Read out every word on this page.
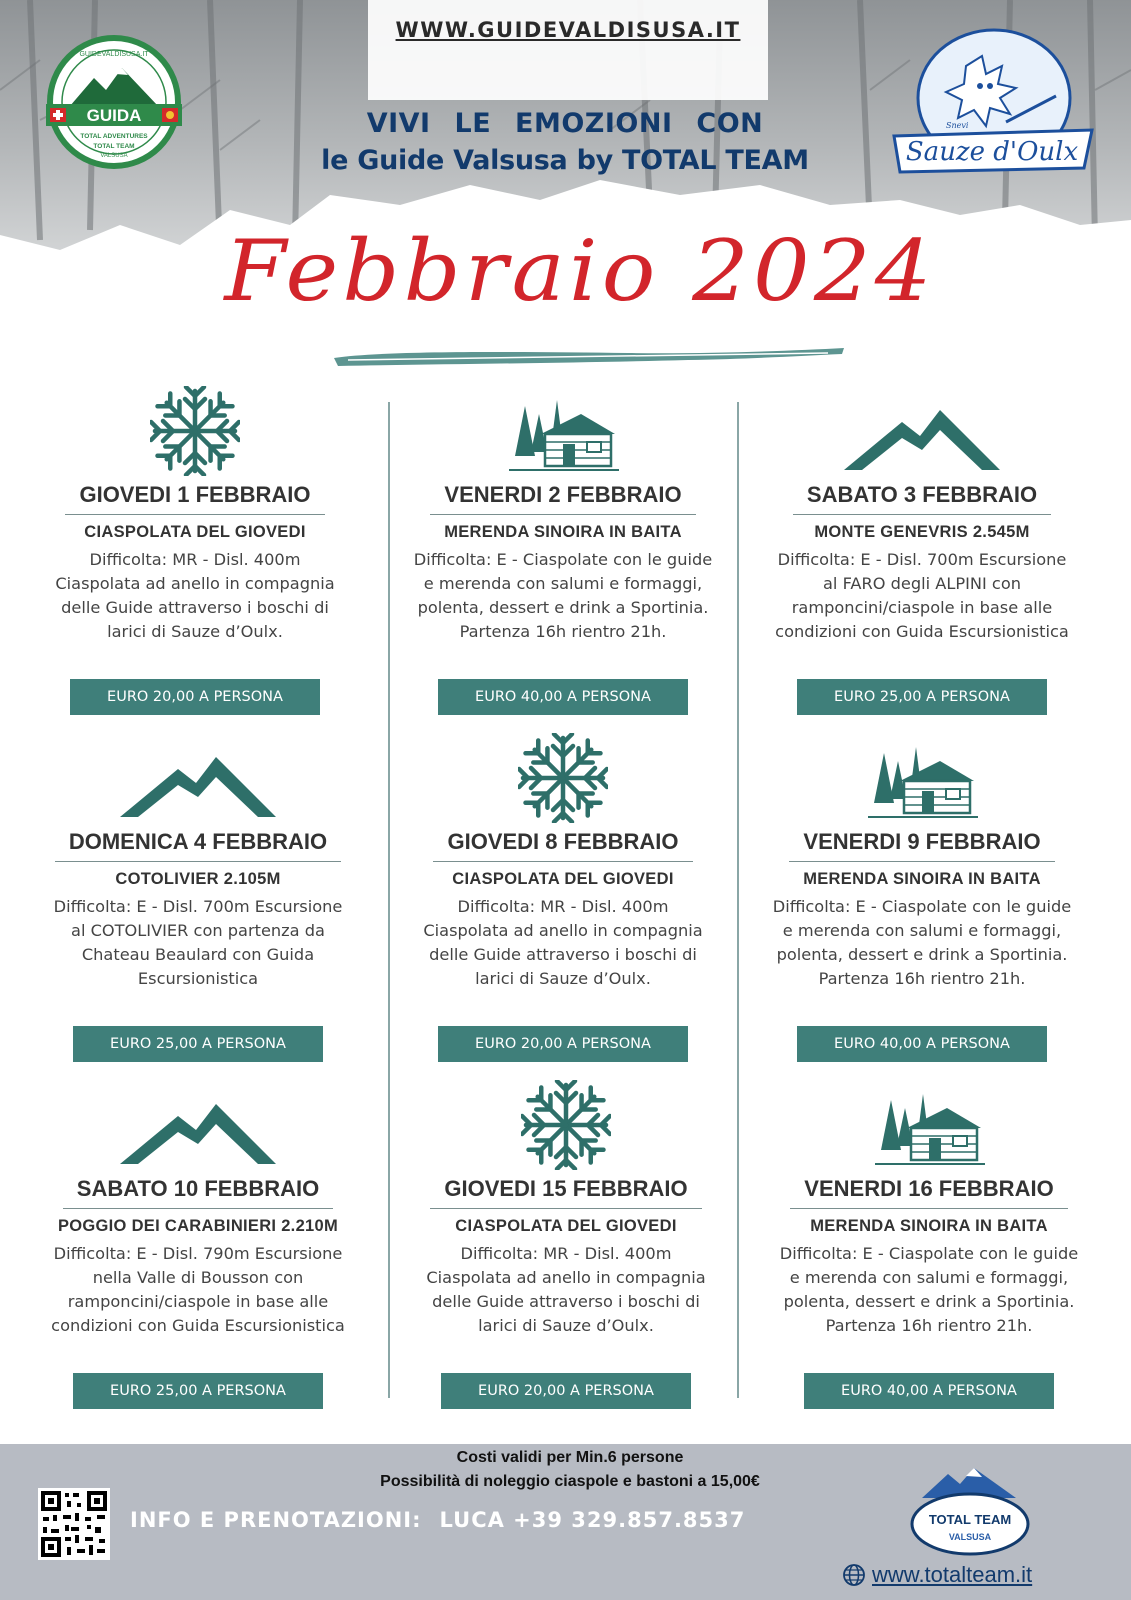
WWW.GUIDEVALDISUSA.IT
GUIDA
GUIDEVALDISUSA.IT
TOTAL ADVENTURES
TOTAL TEAM
VALSUSA
VIVI LE EMOZIONI CON
le Guide Valsusa by TOTAL TEAM
Snevi
Sauze d'Oulx
Febbraio 2024
GIOVEDI 1 FEBBRAIO
CIASPOLATA DEL GIOVEDI
Difficolta: MR - Disl. 400m Ciaspolata ad anello in compagnia delle Guide attraverso i boschi di larici di Sauze d’Oulx.
EURO 20,00 A PERSONA
VENERDI 2 FEBBRAIO
MERENDA SINOIRA IN BAITA
Difficolta: E - Ciaspolate con le guide e merenda con salumi e formaggi, polenta, dessert e drink a Sportinia. Partenza 16h rientro 21h.
EURO 40,00 A PERSONA
SABATO 3 FEBBRAIO
MONTE GENEVRIS 2.545M
Difficolta: E - Disl. 700m Escursione al FARO degli ALPINI con ramponcini/ciaspole in base alle condizioni con Guida Escursionistica
EURO 25,00 A PERSONA
DOMENICA 4 FEBBRAIO
COTOLIVIER 2.105M
Difficolta: E - Disl. 700m Escursione al COTOLIVIER con partenza da Chateau Beaulard con Guida Escursionistica
EURO 25,00 A PERSONA
GIOVEDI 8 FEBBRAIO
CIASPOLATA DEL GIOVEDI
Difficolta: MR - Disl. 400m Ciaspolata ad anello in compagnia delle Guide attraverso i boschi di larici di Sauze d’Oulx.
EURO 20,00 A PERSONA
VENERDI 9 FEBBRAIO
MERENDA SINOIRA IN BAITA
Difficolta: E - Ciaspolate con le guide e merenda con salumi e formaggi, polenta, dessert e drink a Sportinia. Partenza 16h rientro 21h.
EURO 40,00 A PERSONA
SABATO 10 FEBBRAIO
POGGIO DEI CARABINIERI 2.210M
Difficolta: E - Disl. 790m Escursione nella Valle di Bousson con ramponcini/ciaspole in base alle condizioni con Guida Escursionistica
EURO 25,00 A PERSONA
GIOVEDI 15 FEBBRAIO
CIASPOLATA DEL GIOVEDI
Difficolta: MR - Disl. 400m Ciaspolata ad anello in compagnia delle Guide attraverso i boschi di larici di Sauze d’Oulx.
EURO 20,00 A PERSONA
VENERDI 16 FEBBRAIO
MERENDA SINOIRA IN BAITA
Difficolta: E - Ciaspolate con le guide e merenda con salumi e formaggi, polenta, dessert e drink a Sportinia. Partenza 16h rientro 21h.
EURO 40,00 A PERSONA
Costi validi per Min.6 persone
Possibilità di noleggio ciaspole e bastoni a 15,00€
INFO E PRENOTAZIONI: LUCA +39 329.857.8537	TOTAL TEAM
VALSUSA
www.totalteam.it
